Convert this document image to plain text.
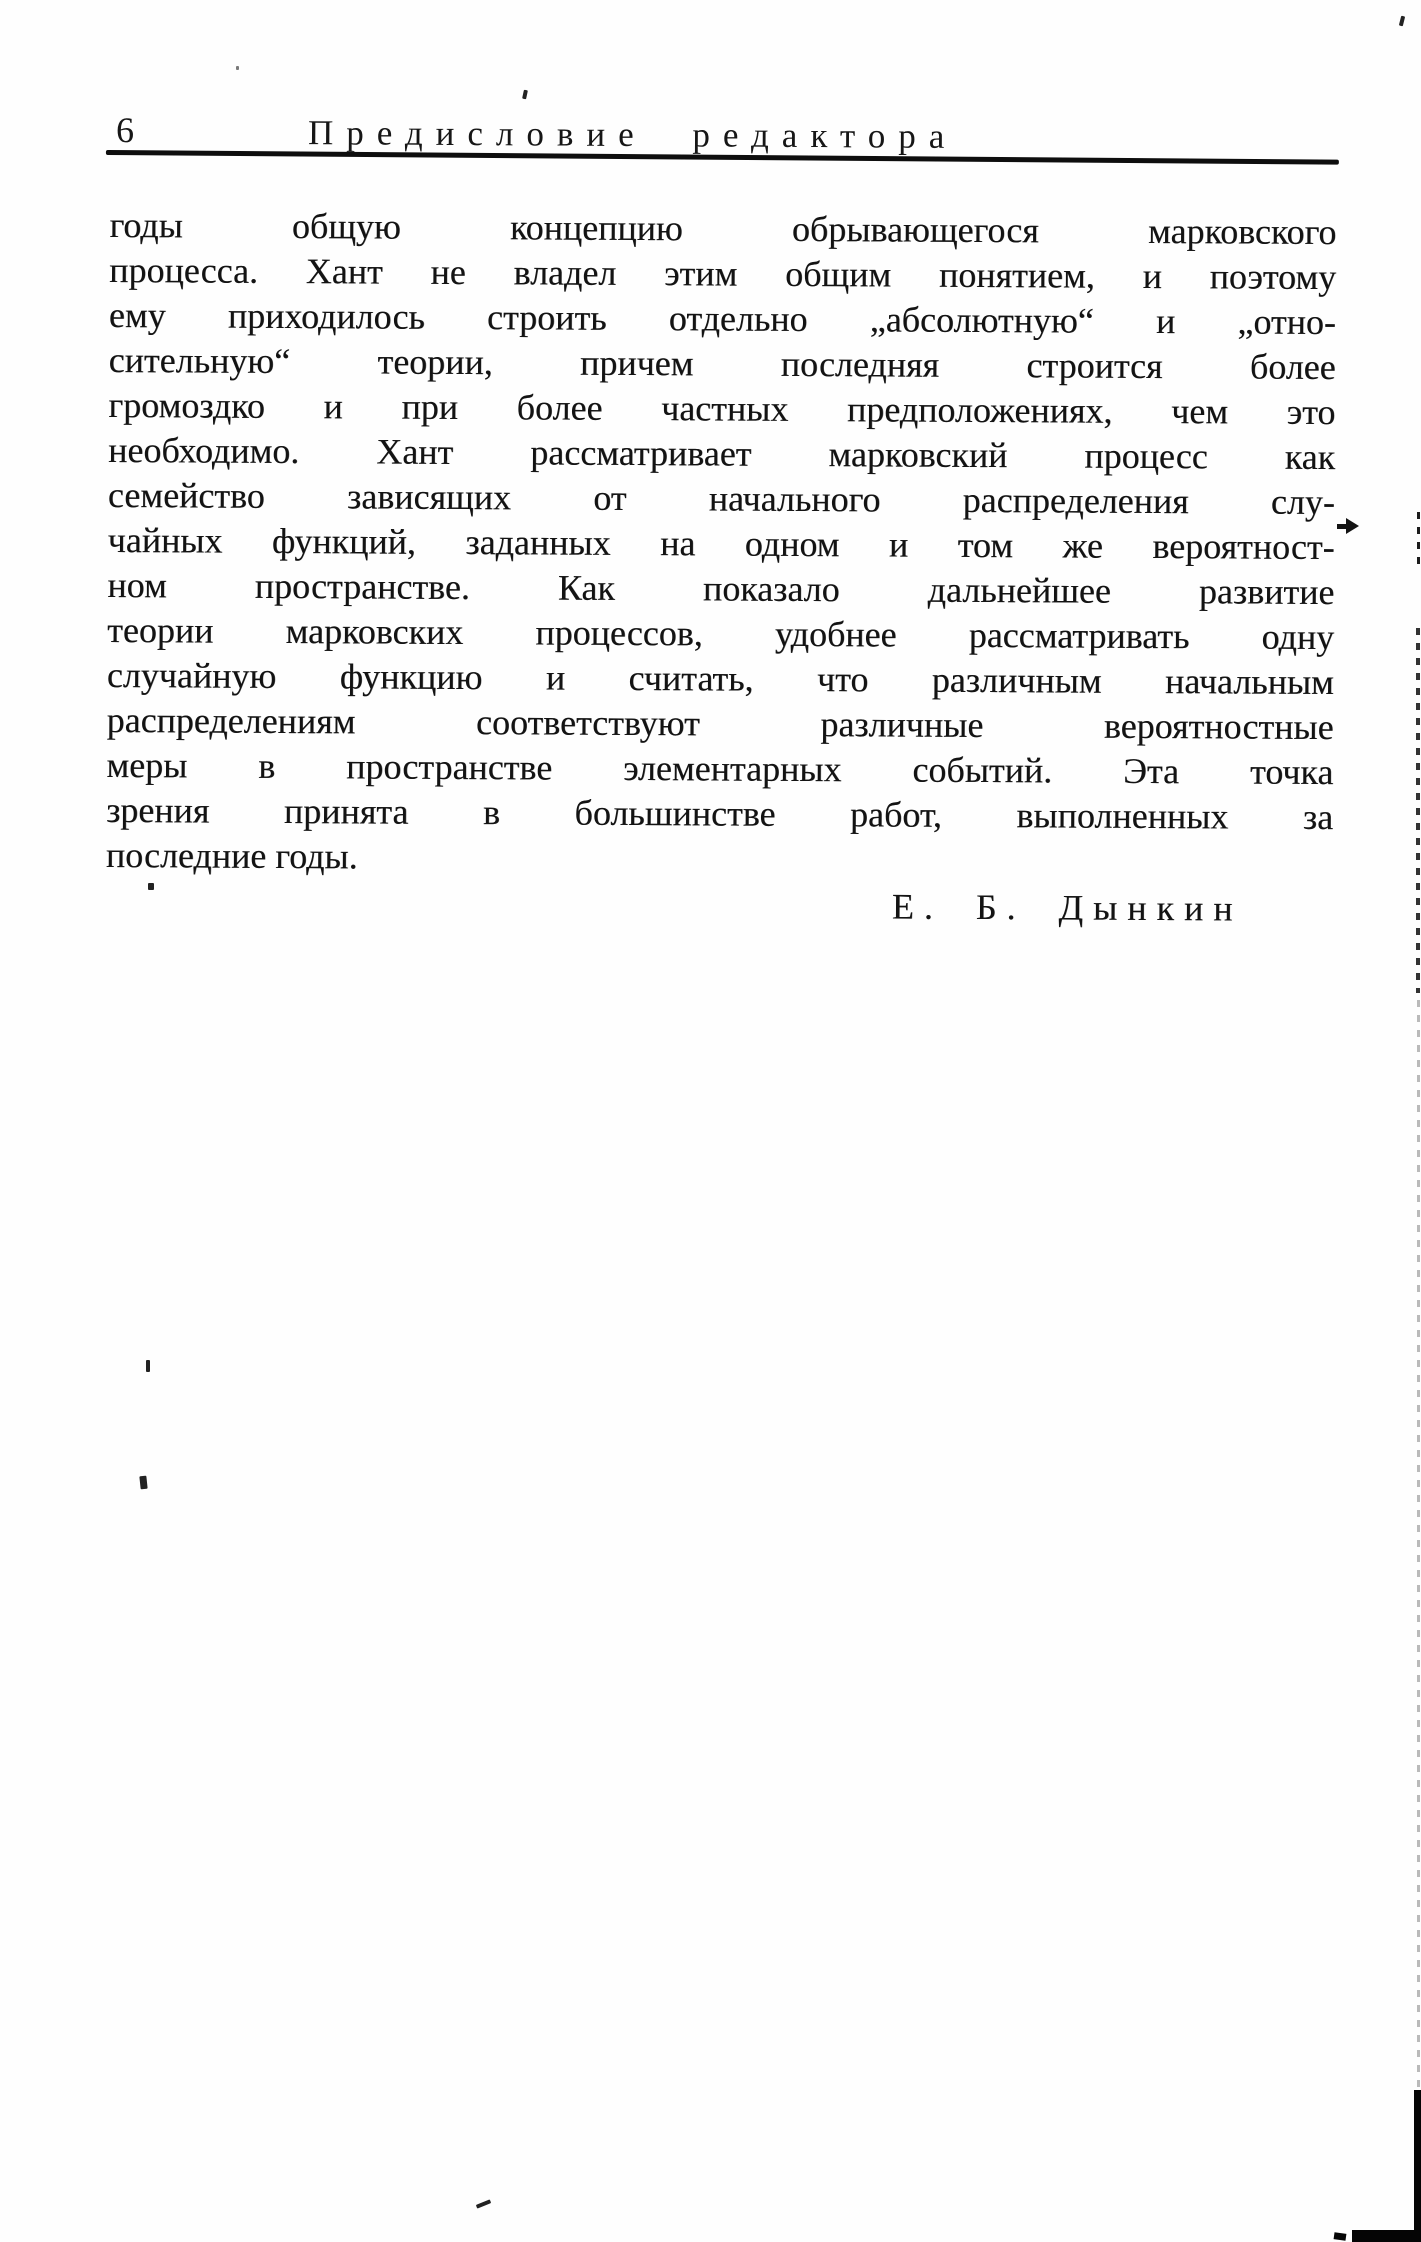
6	Предисловие редактора
годы общую концепцию обрывающегося марковского
процесса. Хант не владел этим общим понятием, и поэтому
ему приходилось строить отдельно „абсолютную“ и „отно-
сительную“ теории, причем последняя строится более
громоздко и при более частных предположениях, чем это
необходимо. Хант рассматривает марковский процесс как
семейство зависящих от начального распределения слу-
чайных функций, заданных на одном и том же вероятност-
ном пространстве. Как показало дальнейшее развитие
теории марковских процессов, удобнее рассматривать одну
случайную функцию и считать, что различным начальным
распределениям соответствуют различные вероятностные
меры в пространстве элементарных событий. Эта точка
зрения принята в большинстве работ, выполненных за
последние годы.
Е. Б. Дынкин
